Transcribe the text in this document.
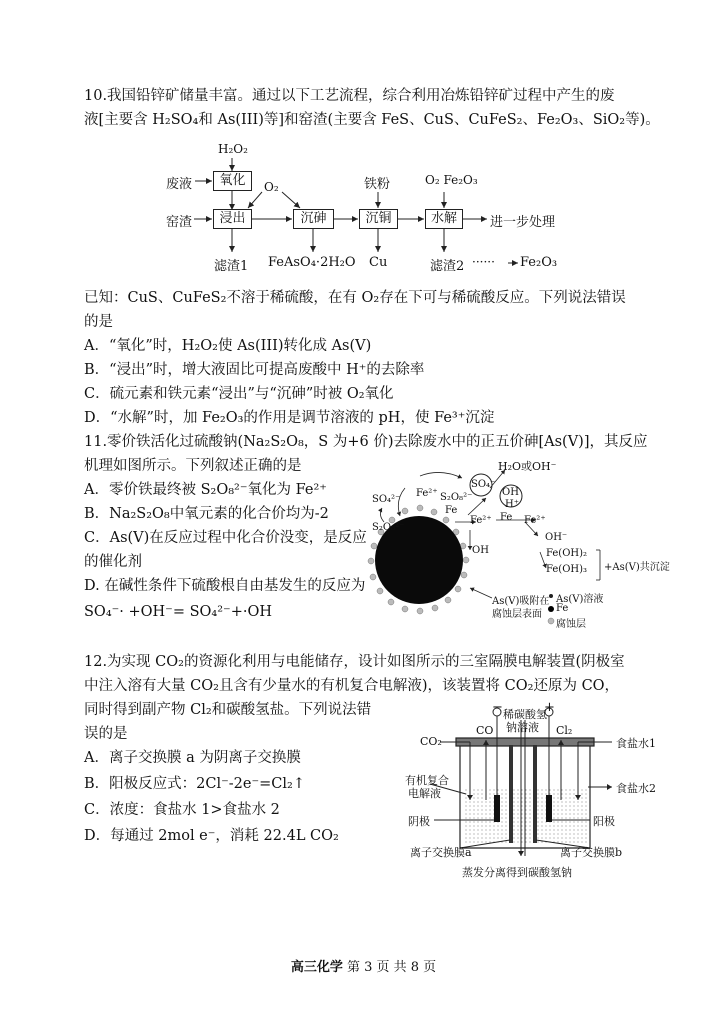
10.我国铅锌矿储量丰富。通过以下工艺流程，综合利用冶炼铅锌矿过程中产生的废
液[主要含 H₂SO₄和 As(III)等]和窑渣(主要含 FeS、CuS、CuFeS₂、Fe₂O₃、SiO₂等)。
H₂O₂
废液	氧化	O₂	铁粉	O₂ Fe₂O₃
窑渣	浸出	沉砷	沉铜	水解	进一步处理
滤渣1 FeAsO₄·2H₂O Cu	滤渣2 ······ Fe₂O₃
已知：CuS、CuFeS₂不溶于稀硫酸，在有 O₂存在下可与稀硫酸反应。下列说法错误
的是
A．“氧化”时，H₂O₂使 As(III)转化成 As(V)
B．“浸出”时，增大液固比可提高废酸中 H⁺的去除率
C．硫元素和铁元素“浸出”与“沉砷”时被 O₂氧化
D．“水解”时，加 Fe₂O₃的作用是调节溶液的 pH，使 Fe³⁺沉淀
11.零价铁活化过硫酸钠(Na₂S₂O₈，S 为+6 价)去除废水中的正五价砷[As(V)]，其反应
机理如图所示。下列叙述正确的是
A．零价铁最终被 S₂O₈²⁻氧化为 Fe²⁺
B．Na₂S₂O₈中氧元素的化合价均为-2
C．As(V)在反应过程中化合价没变，是反应
的催化剂
D. 在碱性条件下硫酸根自由基发生的反应为
SO₄⁻· +OH⁻= SO₄²⁻+·OH
H₂O或OH⁻
SO₄⁻
OH
H⁺
SO₄²⁻
Fe²⁺ S₂O₈²⁻
S₂O₈²⁻
Fe
Fe²⁺ Fe Fe²⁺
OH
OH⁻
Fe(OH)₂
Fe(OH)₃ +As(V)共沉淀
As(V)溶液
Fe
腐蚀层
As(V)吸附在
腐蚀层表面
12.为实现 CO₂的资源化利用与电能储存，设计如图所示的三室隔膜电解装置(阴极室
中注入溶有大量 CO₂且含有少量水的有机复合电解液)，该装置将 CO₂还原为 CO，
同时得到副产物 Cl₂和碳酸氢盐。下列说法错
误的是
A．离子交换膜 a 为阴离子交换膜
B．阳极反应式：2Cl⁻-2e⁻=Cl₂↑
C．浓度：食盐水 1>食盐水 2
D．每通过 2mol e⁻，消耗 22.4L CO₂
−	+
稀碳酸氢
钠溶液
CO₂
CO	Cl₂
食盐水1
有机复合
电解液	食盐水2
阴极	阳极
离子交换膜a	离子交换膜b
蒸发分离得到碳酸氢钠
高三化学 第 3 页 共 8 页
